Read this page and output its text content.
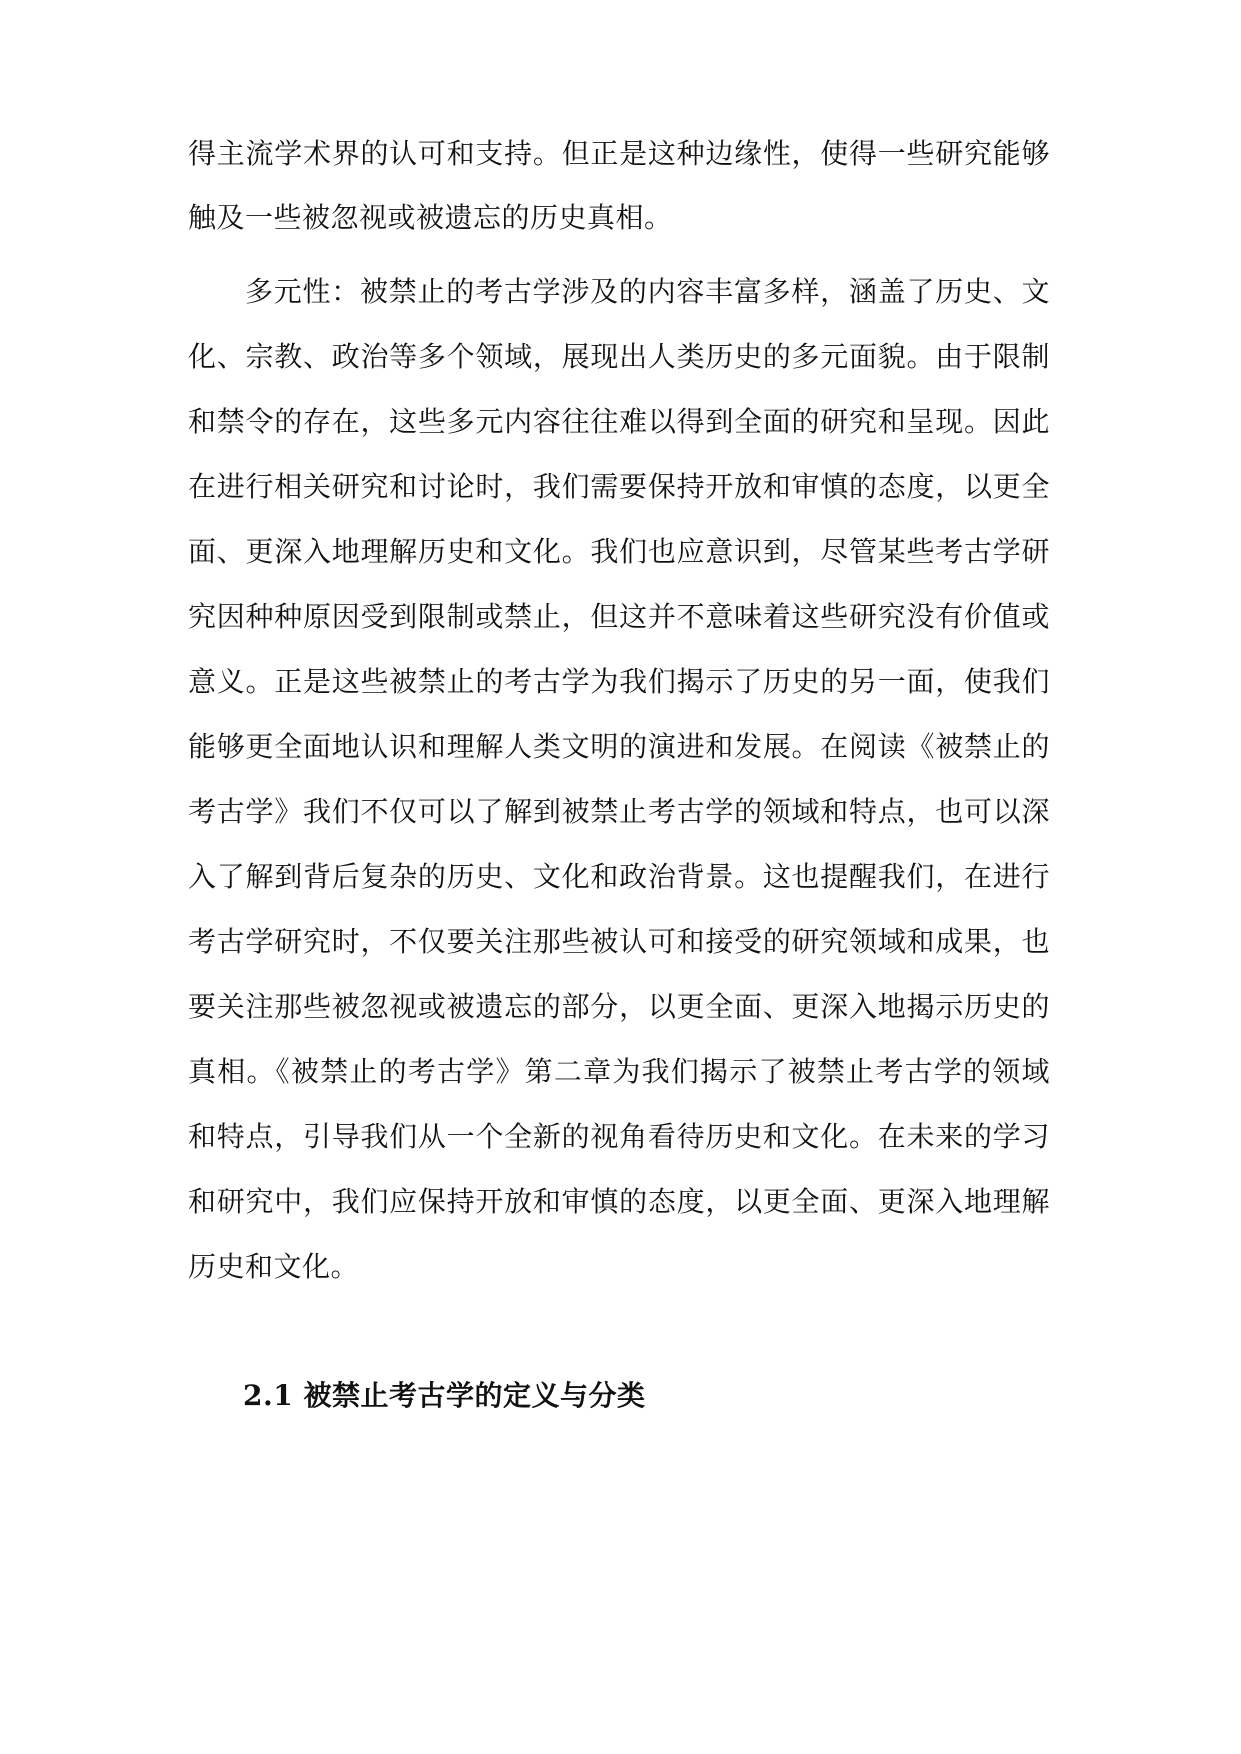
得主流学术界的认可和支持。但正是这种边缘性，使得一些研究能够
触及一些被忽视或被遗忘的历史真相。
多元性：被禁止的考古学涉及的内容丰富多样，涵盖了历史、文
化、宗教、政治等多个领域，展现出人类历史的多元面貌。由于限制
和禁令的存在，这些多元内容往往难以得到全面的研究和呈现。因此
在进行相关研究和讨论时，我们需要保持开放和审慎的态度，以更全
面、更深入地理解历史和文化。我们也应意识到，尽管某些考古学研
究因种种原因受到限制或禁止，但这并不意味着这些研究没有价值或
意义。正是这些被禁止的考古学为我们揭示了历史的另一面，使我们
能够更全面地认识和理解人类文明的演进和发展。在阅读《被禁止的
考古学》我们不仅可以了解到被禁止考古学的领域和特点，也可以深
入了解到背后复杂的历史、文化和政治背景。这也提醒我们，在进行
考古学研究时，不仅要关注那些被认可和接受的研究领域和成果，也
要关注那些被忽视或被遗忘的部分，以更全面、更深入地揭示历史的
真相。《被禁止的考古学》第二章为我们揭示了被禁止考古学的领域
和特点，引导我们从一个全新的视角看待历史和文化。在未来的学习
和研究中，我们应保持开放和审慎的态度，以更全面、更深入地理解
历史和文化。
2.1 被禁止考古学的定义与分类
